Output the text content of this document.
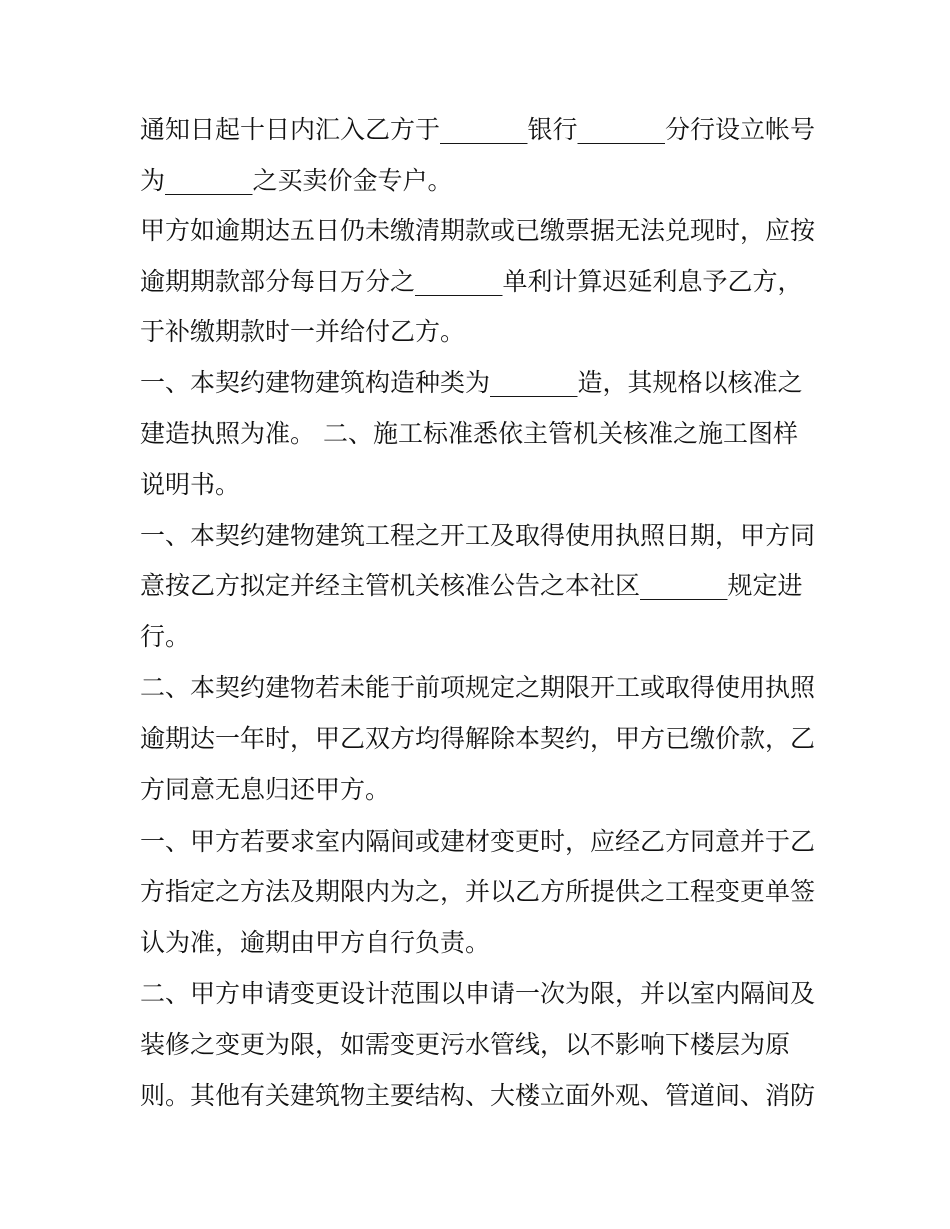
通知日起十日内汇入乙方于_______银行_______分行设立帐号

为_______之买卖价金专户。

甲方如逾期达五日仍未缴清期款或已缴票据无法兑现时，应按

逾期期款部分每日万分之_______单利计算迟延利息予乙方，

于补缴期款时一并给付乙方。

一、本契约建物建筑构造种类为_______造，其规格以核准之

建造执照为准。 二、施工标准悉依主管机关核准之施工图样

说明书。

一、本契约建物建筑工程之开工及取得使用执照日期，甲方同

意按乙方拟定并经主管机关核准公告之本社区_______规定进

行。

二、本契约建物若未能于前项规定之期限开工或取得使用执照

逾期达一年时，甲乙双方均得解除本契约，甲方已缴价款，乙

方同意无息归还甲方。

一、甲方若要求室内隔间或建材变更时，应经乙方同意并于乙

方指定之方法及期限内为之，并以乙方所提供之工程变更单签

认为准，逾期由甲方自行负责。

二、甲方申请变更设计范围以申请一次为限，并以室内隔间及

装修之变更为限，如需变更污水管线，以不影响下楼层为原

则。其他有关建筑物主要结构、大楼立面外观、管道间、消防
